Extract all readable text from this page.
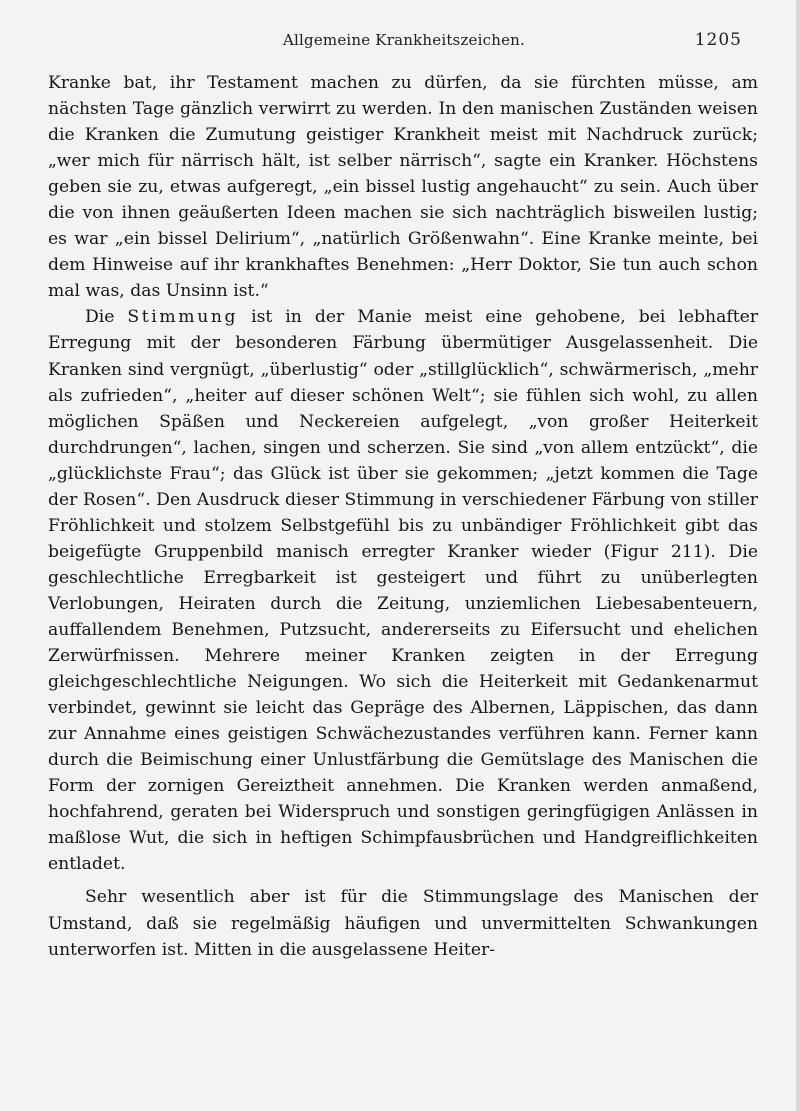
Allgemeine Krankheitszeichen.	1205

Kranke bat, ihr Testament machen zu dürfen, da sie fürchten müsse, am nächsten Tage gänzlich verwirrt zu werden. In den manischen Zuständen weisen die Kranken die Zumutung geistiger Krankheit meist mit Nachdruck zurück; „wer mich für närrisch hält, ist selber närrisch“, sagte ein Kranker. Höchstens geben sie zu, etwas aufgeregt, „ein bissel lustig angehaucht“ zu sein. Auch über die von ihnen geäußerten Ideen machen sie sich nachträglich bisweilen lustig; es war „ein bissel Delirium“, „natürlich Größenwahn“. Eine Kranke meinte, bei dem Hinweise auf ihr krankhaftes Benehmen: „Herr Doktor, Sie tun auch schon mal was, das Unsinn ist.“

Die Stimmung ist in der Manie meist eine gehobene, bei lebhafter Erregung mit der besonderen Färbung übermütiger Ausgelassenheit. Die Kranken sind vergnügt, „überlustig“ oder „stillglücklich“, schwärmerisch, „mehr als zufrieden“, „heiter auf dieser schönen Welt“; sie fühlen sich wohl, zu allen möglichen Späßen und Neckereien aufgelegt, „von großer Heiterkeit durchdrungen“, lachen, singen und scherzen. Sie sind „von allem entzückt“, die „glücklichste Frau“; das Glück ist über sie gekommen; „jetzt kommen die Tage der Rosen“. Den Ausdruck dieser Stimmung in verschiedener Färbung von stiller Fröhlichkeit und stolzem Selbstgefühl bis zu unbändiger Fröhlichkeit gibt das beigefügte Gruppenbild manisch erregter Kranker wieder (Figur 211). Die geschlechtliche Erregbarkeit ist gesteigert und führt zu unüberlegten Verlobungen, Heiraten durch die Zeitung, unziemlichen Liebesabenteuern, auffallendem Benehmen, Putzsucht, andererseits zu Eifersucht und ehelichen Zerwürfnissen. Mehrere meiner Kranken zeigten in der Erregung gleichgeschlechtliche Neigungen. Wo sich die Heiterkeit mit Gedankenarmut verbindet, gewinnt sie leicht das Gepräge des Albernen, Läppischen, das dann zur Annahme eines geistigen Schwächezustandes verführen kann. Ferner kann durch die Beimischung einer Unlustfärbung die Gemütslage des Manischen die Form der zornigen Gereiztheit annehmen. Die Kranken werden anmaßend, hochfahrend, geraten bei Widerspruch und sonstigen geringfügigen Anlässen in maßlose Wut, die sich in heftigen Schimpfausbrüchen und Handgreiflichkeiten entladet.

Sehr wesentlich aber ist für die Stimmungslage des Manischen der Umstand, daß sie regelmäßig häufigen und unvermittelten Schwankungen unterworfen ist. Mitten in die ausgelassene Heiter-
